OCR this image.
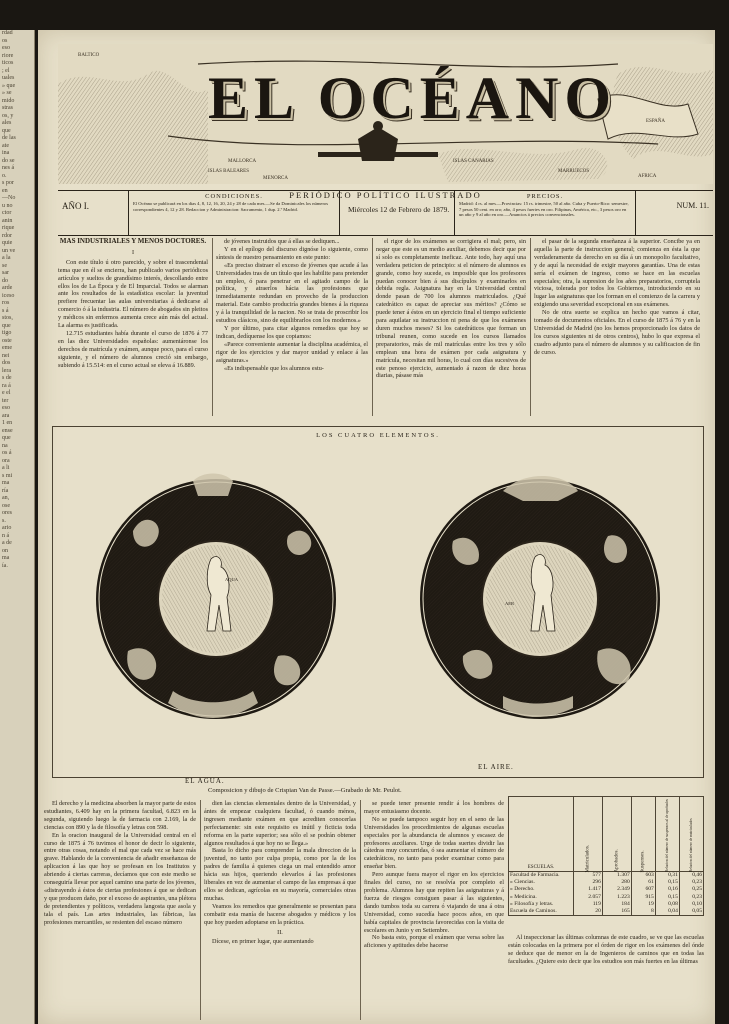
rdad
os
eso
riore
ticos
; el
uales
» que
» se
mido
stras
os, y
ales
que
de las
ate
ina
do se
nes á
o.
s por
en
—No
u no
ctor
anin
rique
rdor
quie
un ve
a la
se
sar
do
arde
iceso
ros
s á
stos,
que
tigo
oste
eme
nei
dos
lera
s de
ra á
e el
ter
eso
ara
1 en
ense
que
na
os á
ora
a li
s mi
ma
ría
an,
ose
ores
s.
ario
n á
a de
on
ma
ía.
BALTICO
ISLAS BALEARES
MENORCA
ISLAS CANARIAS
MARRUECOS
AFRICA
ESPAÑA
MALLORCA
EL OCÉANO
PERIÓDICO POLÍTICO ILUSTRADO
AÑO I.
CONDICIONES.

El Océano se publicará en los dias 4, 8, 12, 16, 20, 24 y 28 de cada mes.—Se da Dominicales los números correspondientes 4, 12 y 28. Redaccion y Administracion: Sacramento, 1 dup. 2.º Madrid.	Miércoles 12 de Febrero de 1879.
PRECIOS.

Madrid: 4 rs. al mes.—Provincias: 15 rs. trimestre, 50 al año. Cuba y Puerto-Rico: semestre, 7 pesos 50 cent. en oro; año, 4 pesos fuertes en oro. Filipinas, América, etc., 3 pesos oro en un año y 9 al año en oro.—Anuncios á precios convencionales.

NUM. 11.
MAS INDUSTRIALES Y MENOS DOCTORES.
I

Con este título ú otro parecido, y sobre el trascendental tema que en él se encierra, han publicado varios periódicos artículos y sueltos de grandísimo interés, descollando entre ellos los de La Época y de El Imparcial. Todos se alarman ante los resultados de la estadística escolar: la juventud prefiere frecuentar las aulas universitarias á dedicarse al comercio ó á la industria. El número de abogados sin pleitos y médicos sin enfermos aumenta crece aún más del actual. La alarma es justificada.

12.715 estudiantes había durante el curso de 1876 á 77 en las diez Universidades españolas: aumentáronse los derechos de matrícula y exámen, aunque poco, para el curso siguiente, y el número de alumnos creció sin embargo, subiendo á 15.514: en el curso actual se eleva á 16.889.

de jóvenes instruidos que á ellas se dediquen...

Y en el epílogo del discurso dignóse lo siguiente, como síntesis de nuestro pensamiento en este punto:

«Es preciso distraer el exceso de jóvenes que acude á las Universidades tras de un título que les habilite para pretender un empleo, ó para penetrar en el agitado campo de la política, y atraerlos hácia las profesiones que inmediatamente redundan en provecho de la produccion material. Este cambio produciría grandes bienes á la riqueza y á la tranquilidad de la nacion. No se trata de proscribir los estudios clásicos, sino de equilibrarlos con los modernos.»

Y por último, para citar algunos remedios que hoy se indican, dedíquense los que copiamos:

«Parece conveniente aumentar la disciplina académica, el rigor de los ejercicios y dar mayor unidad y enlace á las asignaturas.»

«Es indispensable que los alumnos estu-

el rigor de los exámenes se corrigiera el mal; pero, sin negar que este es un medio auxiliar, debemos decir que por sí solo es completamente ineficaz. Ante todo, hay aquí una verdadera peticion de principio: si el número de alumnos es grande, como hoy sucede, es imposible que los profesores puedan conocer bien á sus discípulos y examinarlos en debida regla. Asignatura hay en la Universidad central donde pasan de 700 los alumnos matriculados. ¿Qué catedrático es capaz de apreciar sus méritos? ¿Cómo se puede tener á éstos en un ejercicio final el tiempo suficiente para aquilatar su instruccion ni pena de que los exámenes duren muchos meses? Si los catedráticos que forman un tribunal reunen, como sucede en los cursos llamados preparatorios, más de mil matrículas entre los tres y sólo emplean una hora de exámen por cada asignatura y matrícula, necesitan mil horas, lo cual con días sucesivos de este penoso ejercicio, aumentado á razon de diez horas diarias, pásase más

el pasar de la segunda enseñanza á la superior. Concibe ya en aquella la parte de instruccion general; comienza en ésta la que verdaderamente da derecho en su día á un monopolio facultativo, y de aquí la necesidad de exigir mayores garantías. Una de estas sería el exámen de ingreso, como se hace en las escuelas especiales; otra, la supresion de los años preparatorios, corruptela viciosa, tolerada por todos los Gobiernos, introduciendo en su lugar las asignaturas que los forman en el comienzo de la carrera y exigiendo una severidad excepcional en sus exámenes.

No de otra suerte se explica un hecho que vamos á citar, tomado de documentos oficiales. En el curso de 1875 á 76 y en la Universidad de Madrid (no los hemos proporcionado los datos de los cursos siguientes ni de otros centros), hubo lo que expresa el cuadro adjunto para el número de alumnos y su calificacion de fin de curso.

LOS CUATRO ELEMENTOS.
AQUA
AER
EL AGUA.
EL AIRE.
Composicion y dibujo de Crispian Van de Passe.—Grabado de Mr. Peulot.

El derecho y la medicina absorben la mayor parte de estos estudiantes, 6.409 hay en la primera facultad, 6.823 en la segunda, siguiendo luego la de farmacia con 2.169, la de ciencias con 890 y la de filosofía y letras con 598.

En la oracion inaugural de la Universidad central en el curso de 1875 á 76 tuvimos el honor de decir lo siguiente, entre otras cosas, notando el mal que cada vez se hace más grave. Hablando de la conveniencia de añadir enseñanzas de aplicacion á las que hoy se profesan en los Institutos y abriendo á ciertas carreras, decíamos que con este medio se conseguiría llevar por aquel camino una parte de los jóvenes, «distrayendo á éstos de ciertas profesiones á que se dedican y que producen daño, por el exceso de aspirantes, una plétora de pretendientes y políticos, verdadera langosta que asola y tala el país. Las artes industriales, las fábricas, las profesiones mercantiles, se resienten del escaso número

dien las ciencias elementales dentro de la Universidad, y ántes de empezar cualquiera facultad, ó cuando ménos, ingresen mediante exámen en que acrediten conocerlas perfectamente: sin este requisito es inútil y ficticia toda reforma en la parte superior; sea sólo el se podrán obtener algunos resultados á que hoy no se llega.»

Basta lo dicho para comprender la mala direccion de la juventud, no tanto por culpa propia, como por la de los padres de familia á quienes ciega un mal entendido amor hácia sus hijos, queriendo elevarlos á las profesiones liberales en vez de aumentar el campo de las empresas á que ellos se dedican, agrícolas en su mayoría, comerciales otras muchas.

Veamos los remedios que generalmente se presentan para combatir esta manía de hacerse abogados y médicos y los que hoy pueden adoptarse en la práctica.

II.

Dícese, en primer lugar, que aumentando

se puede tener presente rendir á los hombres de mayor entusiasmo docente.

No se puede tampoco seguir hoy en el seno de las Universidades los procedimientos de algunas escuelas especiales por la abundancia de alumnos y escasez de profesores auxiliares. Urge de todas suertes dividir las cátedras muy concurridas, ó sea aumentar el número de catedráticos, no tanto para poder examinar como para enseñar bien.

Pero aunque fuera mayor el rigor en los ejercicios finales del curso, no se resolvía por completo el problema. Alumnos hay que repiten las asignaturas y á fuerza de riesgos consiguen pasar á las siguientes, dando tumbos toda su carrera ó viajando de una á otra Universidad, como sucedía hace pocos años, en que había capitales de provincia favorecidas con la visita de escolares en Junio y en Setiembre.

No basta esto, porque el exámen que versa sobre las aficiones y aptitudes debe hacerse

ESCUELAS.	Matriculados.	Aprobados.	Suspensos.	Relacion del número de suspensos al de aprobados	Relacion del número de matriculados
Facultad de Farmacia.	577	1.307	603	0,31	0,46
» Ciencias.	296	280	61	0,15	0,23
» Derecho.	1.417	2.349	607	0,16	0,25
» Medicina.	2.057	1.223	915	0,15	0,23
» Filosofía y letras.	119	184	19	0,08	0,10
Escuela de Caminos.	20	165	8	0,04	0,05

Al inspeccionar las últimas columnas de este cuadro, se ve que las escuelas están colocadas en la primera por el órden de rigor en los exámenes del ónde se deduce que de menor en la de Ingenieros de caminos que en todas las facultades. ¿Quiere esto decir que los estudios son más fuertes en las últimas
